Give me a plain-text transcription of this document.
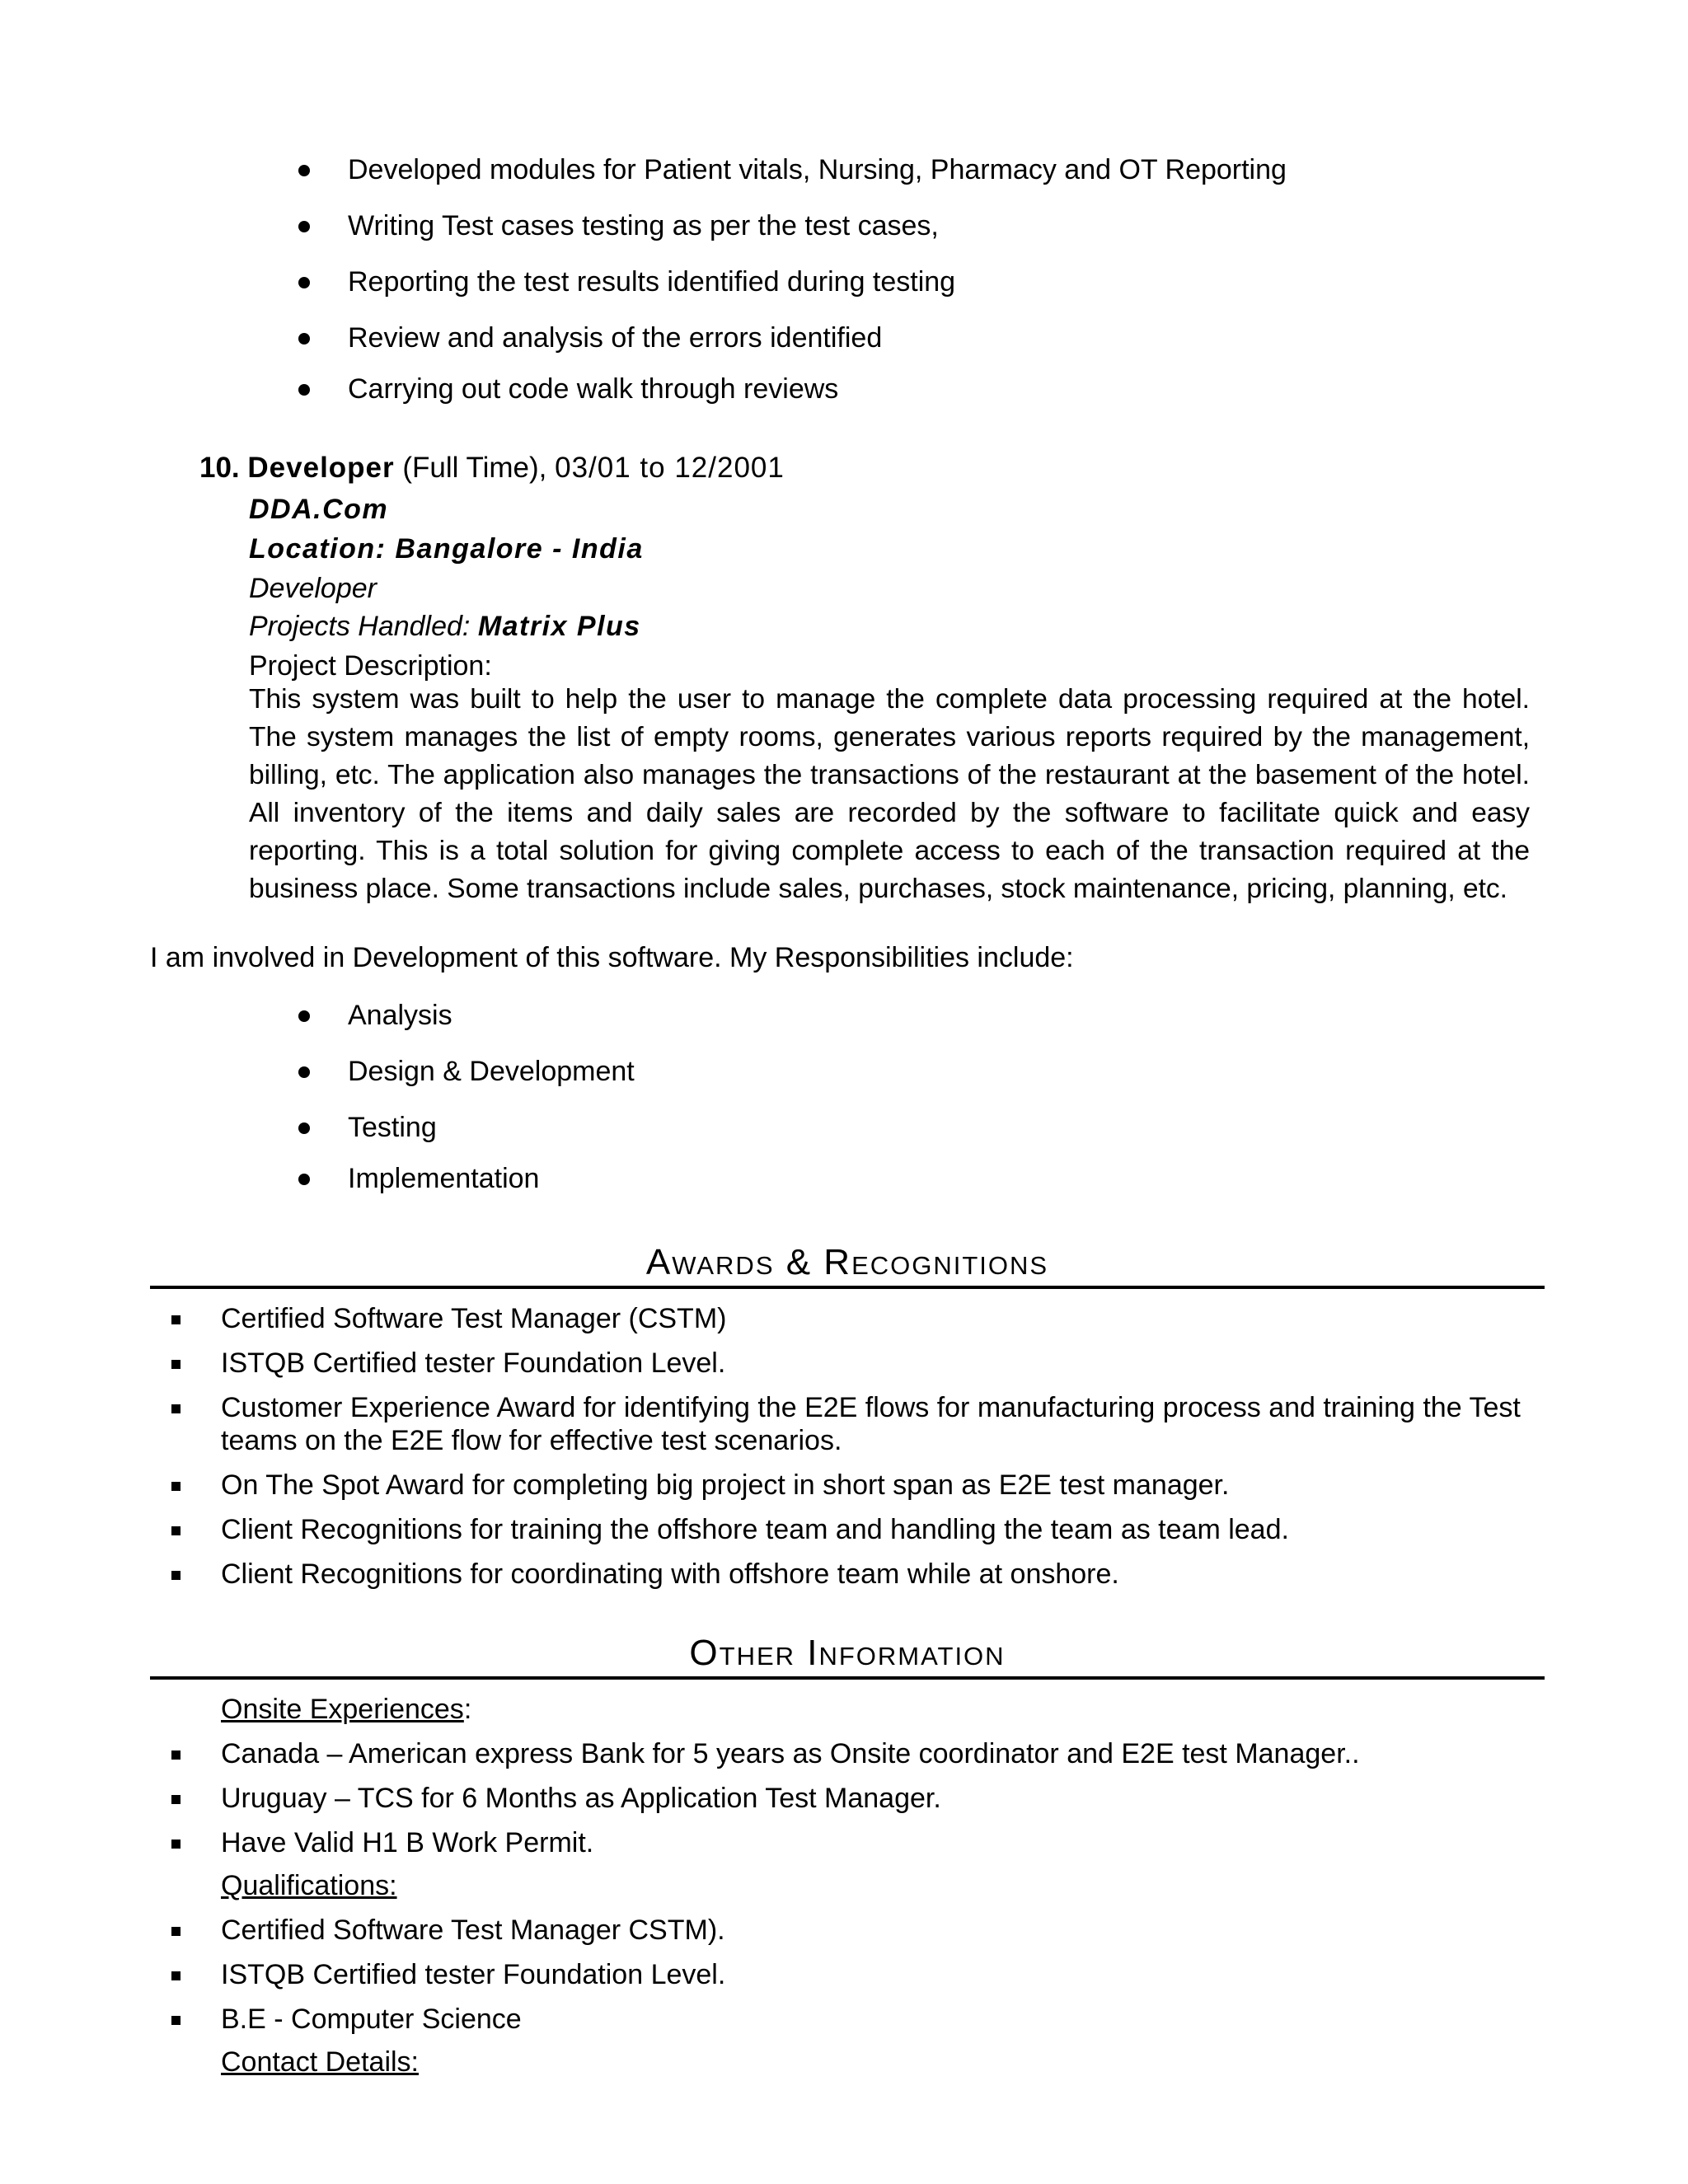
Developed modules for Patient vitals, Nursing, Pharmacy and OT Reporting
Writing Test cases testing as per the test cases,
Reporting the test results identified during testing
Review and analysis of the errors identified
Carrying out code walk through reviews
10. Developer (Full Time), 03/01 to 12/2001
DDA.Com
Location: Bangalore - India
Developer
Projects Handled: Matrix Plus
Project Description:
This system was built to help the user to manage the complete data processing required at the hotel. The system manages the list of empty rooms, generates various reports required by the management, billing, etc. The application also manages the transactions of the restaurant at the basement of the hotel. All inventory of the items and daily sales are recorded by the software to facilitate quick and easy reporting. This is a total solution for giving complete access to each of the transaction required at the business place. Some transactions include sales, purchases, stock maintenance, pricing, planning, etc.
I am involved in Development of this software. My Responsibilities include:
Analysis
Design & Development
Testing
Implementation
Awards & Recognitions
Certified Software Test Manager (CSTM)
ISTQB Certified tester Foundation Level.
Customer Experience Award for identifying the E2E flows for manufacturing process and training the Test
teams on the E2E flow for effective test scenarios.
On The Spot Award for completing big project in short span as E2E test manager.
Client Recognitions for training the offshore team and handling the team as team lead.
Client Recognitions for coordinating with offshore team while at onshore.
Other Information
Onsite Experiences:
Canada – American express Bank for 5 years as Onsite coordinator and E2E test Manager..
Uruguay – TCS for 6 Months as Application Test Manager.
Have Valid H1 B Work Permit.
Qualifications:
Certified Software Test Manager CSTM).
ISTQB Certified tester Foundation Level.
B.E - Computer Science
Contact Details:
